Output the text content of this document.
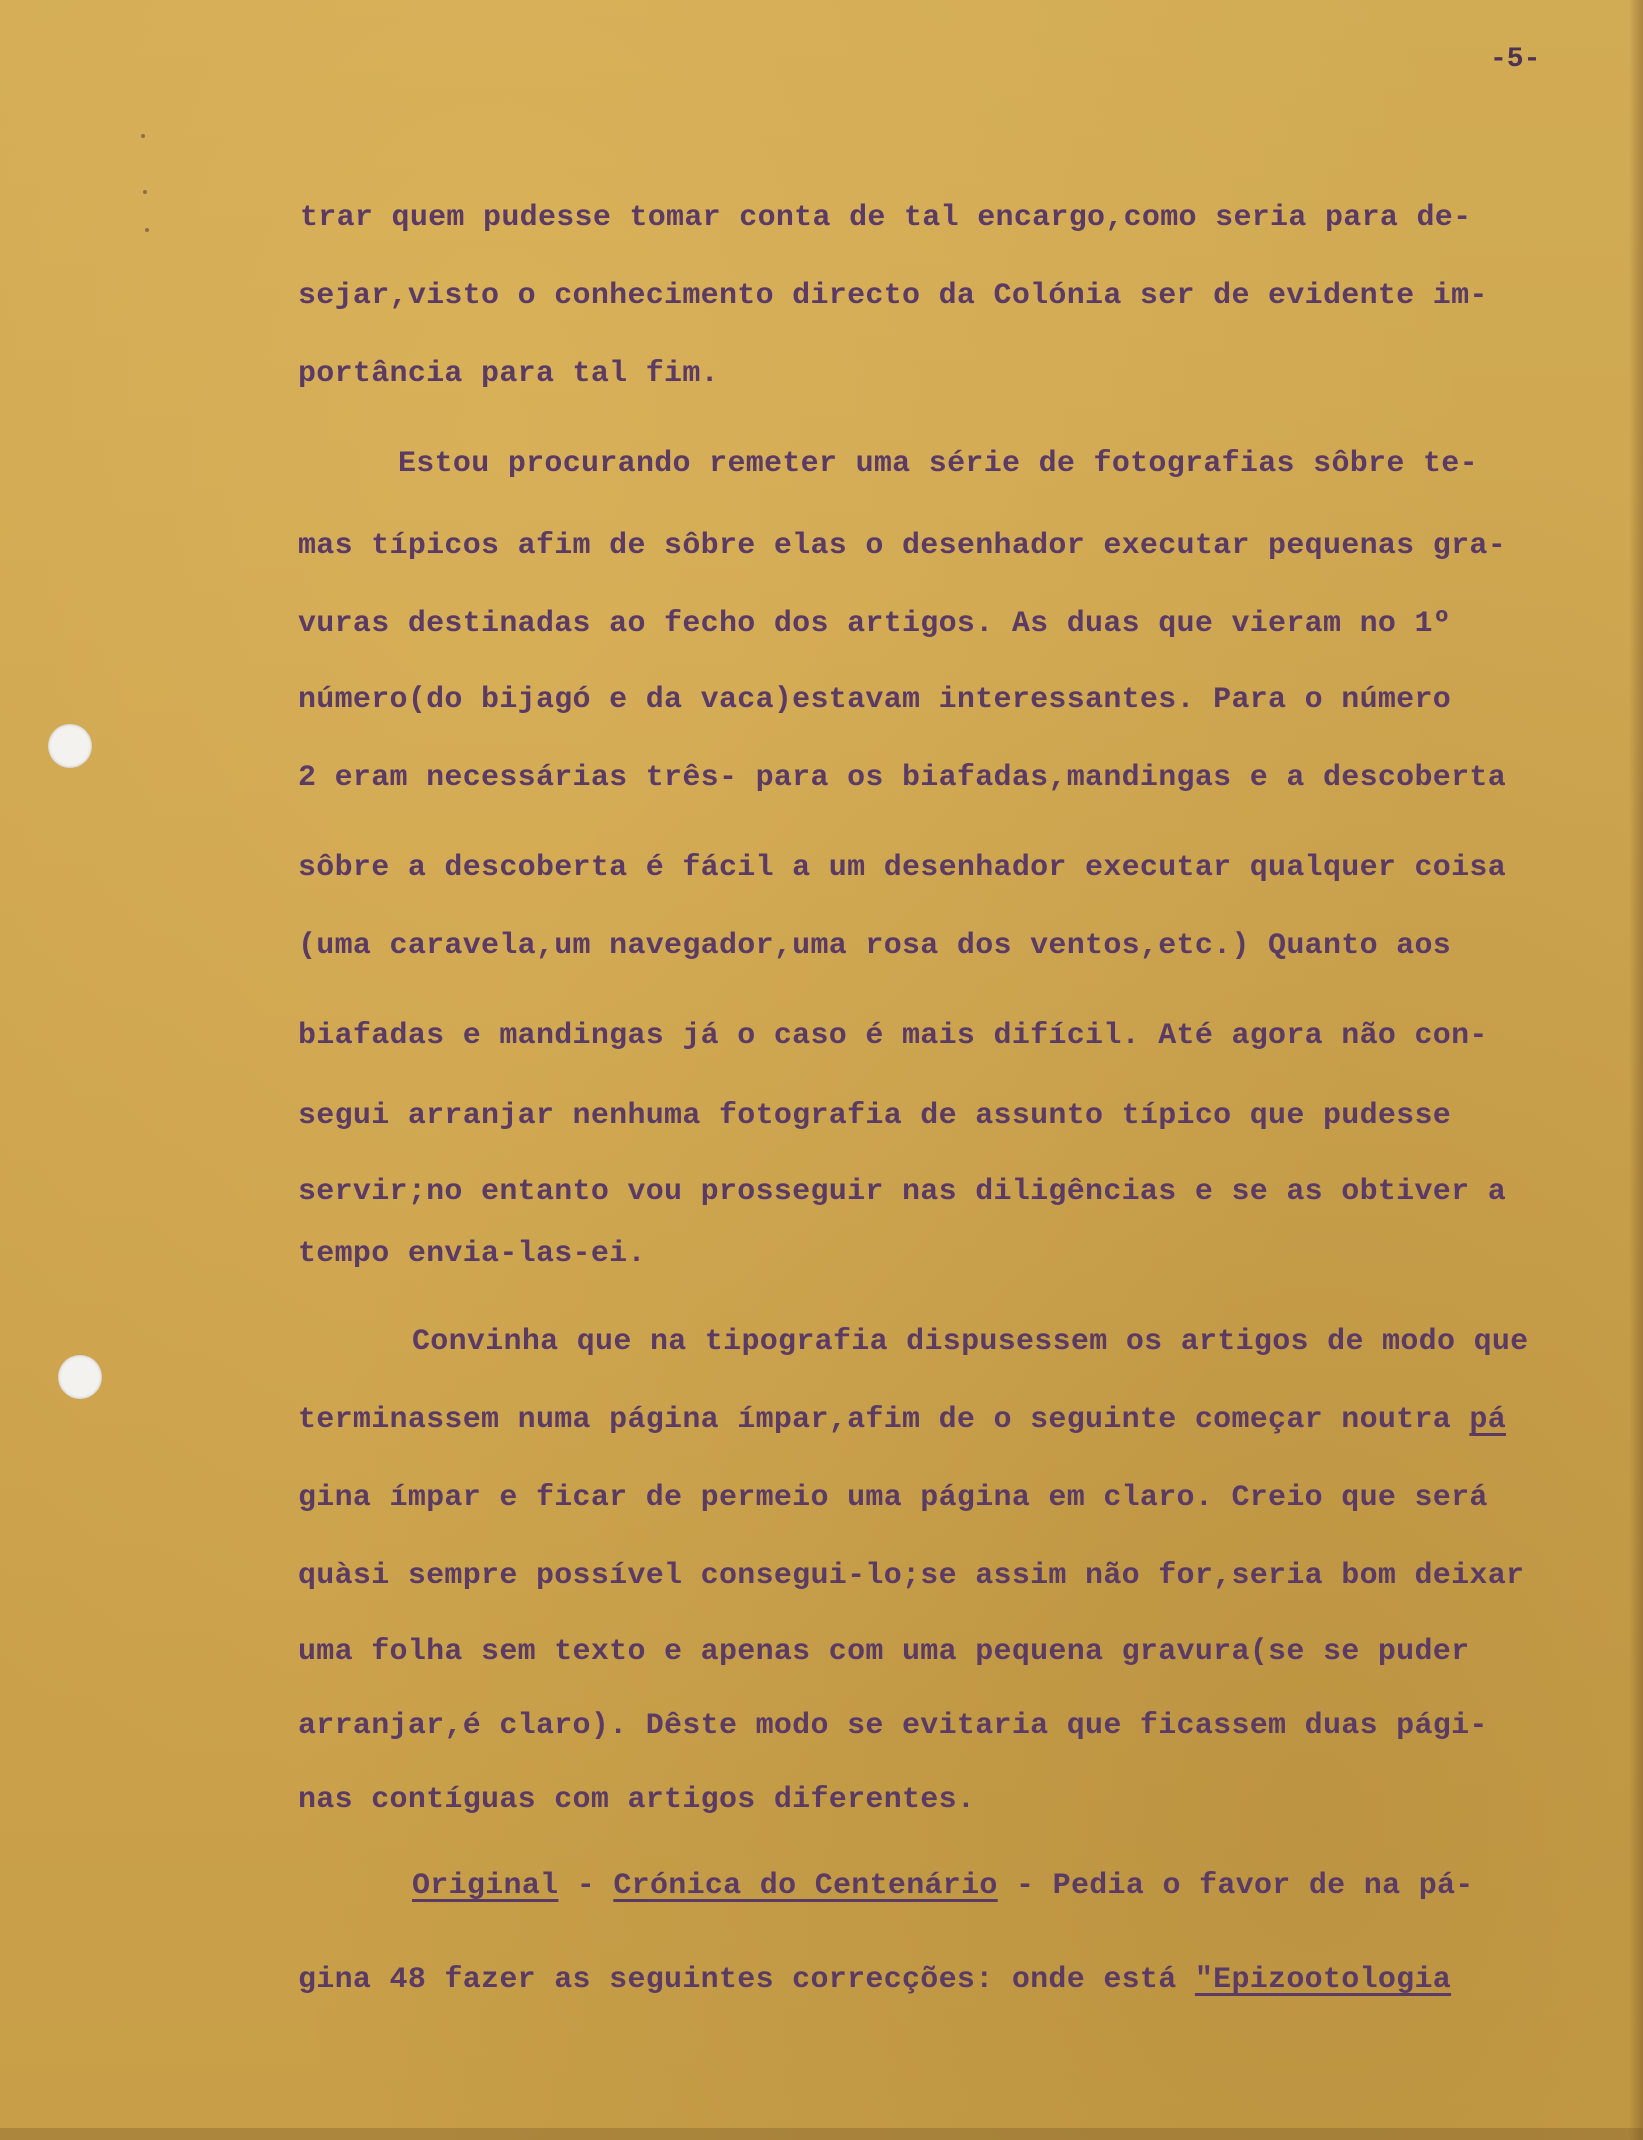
-5-

trar quem pudesse tomar conta de tal encargo,como seria para de-

sejar,visto o conhecimento directo da Colónia ser de evidente im-

portância para tal fim.

Estou procurando remeter uma série de fotografias sôbre te-

mas típicos afim de sôbre elas o desenhador executar pequenas gra-

vuras destinadas ao fecho dos artigos. As duas que vieram no 1º

número(do bijagó e da vaca)estavam interessantes. Para o número

2 eram necessárias três- para os biafadas,mandingas e a descoberta

sôbre a descoberta é fácil a um desenhador executar qualquer coisa

(uma caravela,um navegador,uma rosa dos ventos,etc.) Quanto aos

biafadas e mandingas já o caso é mais difícil. Até agora não con-

segui arranjar nenhuma fotografia de assunto típico que pudesse

servir;no entanto vou prosseguir nas diligências e se as obtiver a

tempo envia-las-ei.

Convinha que na tipografia dispusessem os artigos de modo que

terminassem numa página ímpar,afim de o seguinte começar noutra pá

gina ímpar e ficar de permeio uma página em claro. Creio que será

quàsi sempre possível consegui-lo;se assim não for,seria bom deixar

uma folha sem texto e apenas com uma pequena gravura(se se puder

arranjar,é claro). Dêste modo se evitaria que ficassem duas pági-

nas contíguas com artigos diferentes.

Original - Crónica do Centenário - Pedia o favor de na pá-

gina 48 fazer as seguintes correcções: onde está "Epizootologia
